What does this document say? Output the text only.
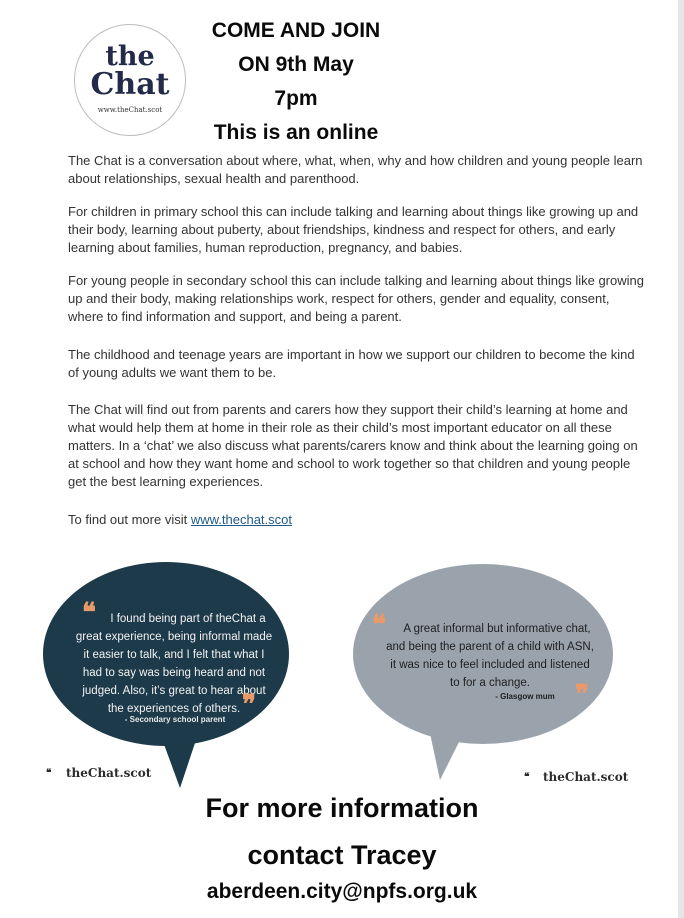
the
Chat
www.theChat.scot
COME AND JOIN
ON 9th May
7pm
This is an online

The Chat is a conversation about where, what, when, why and how children and young people learn about relationships, sexual health and parenthood.

For children in primary school this can include talking and learning about things like growing up and their body, learning about puberty, about friendships, kindness and respect for others, and early learning about families, human reproduction, pregnancy, and babies.

For young people in secondary school this can include talking and learning about things like growing up and their body, making relationships work, respect for others, gender and equality, consent, where to find information and support, and being a parent.

The childhood and teenage years are important in how we support our children to become the kind of young adults we want them to be.

The Chat will find out from parents and carers how they support their child’s learning at home and what would help them at home in their role as their child’s most important educator on all these matters. In a ‘chat’ we also discuss what parents/carers know and think about the learning going on at school and how they want home and school to work together so that children and young people get the best learning experiences.

To find out more visit www.thechat.scot
❝	I found being part of theChat a great experience, being informal made it easier to talk, and I felt that what I had to say was being heard and not judged. Also, it’s great to hear about the experiences of others. ❞
- Secondary school parent
❝	A great informal but informative chat, and being the parent of a child with ASN, it was nice to feel included and listened to for a change.	❞
- Glasgow mum
❝ theChat.scot	❝ theChat.scot
For more information
contact Tracey
aberdeen.city@npfs.org.uk
